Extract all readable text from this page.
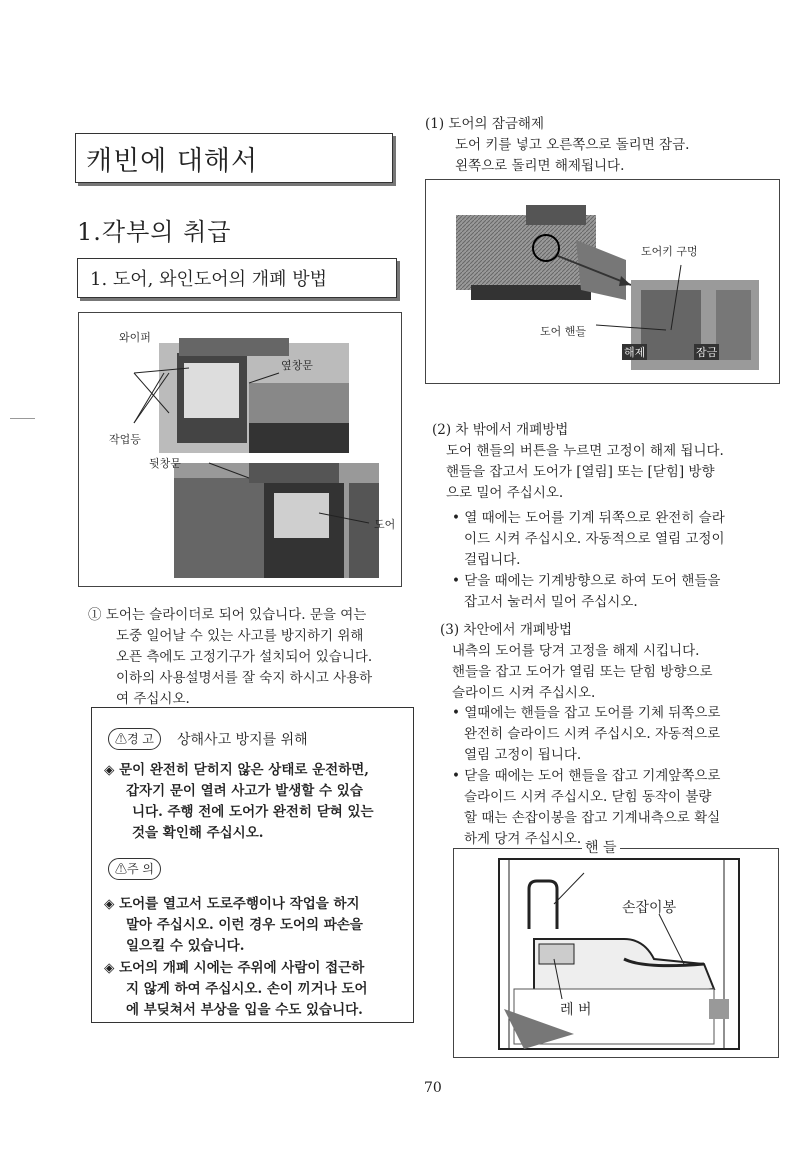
캐빈에 대해서
1.각부의 취급
1. 도어, 와인도어의 개폐 방법
와이퍼
옆창문
작업등
뒷창문
도어
① 도어는 슬라이더로 되어 있습니다. 문을 여는
도중 일어날 수 있는 사고를 방지하기 위해
오픈 측에도 고정기구가 설치되어 있습니다.
이하의 사용설명서를 잘 숙지 하시고 사용하
여 주십시오.
⚠경 고	상해사고 방지를 위해
◈ 문이 완전히 닫히지 않은 상태로 운전하면,
갑자기 문이 열려 사고가 발생할 수 있습
니다. 주행 전에 도어가 완전히 닫혀 있는
것을 확인해 주십시오.
⚠주 의
◈ 도어를 열고서 도로주행이나 작업을 하지
말아 주십시오. 이런 경우 도어의 파손을
일으킬 수 있습니다.
◈ 도어의 개폐 시에는 주위에 사람이 접근하
지 않게 하여 주십시오. 손이 끼거나 도어
에 부딪쳐서 부상을 입을 수도 있습니다.
(1) 도어의 잠금해제
도어 키를 넣고 오른쪽으로 돌리면 잠금.
왼쪽으로 돌리면 해제됩니다.
도어키 구멍
도어 핸들
해제	잠금
(2) 차 밖에서 개폐방법
도어 핸들의 버튼을 누르면 고정이 해제 됩니다.
핸들을 잡고서 도어가 [열림] 또는 [닫힘] 방향
으로 밀어 주십시오.
• 열 때에는 도어를 기계 뒤쪽으로 완전히 슬라
이드 시켜 주십시오. 자동적으로 열림 고정이
걸립니다.
• 닫을 때에는 기계방향으로 하여 도어 핸들을
잡고서 눌러서 밀어 주십시오.
(3) 차안에서 개폐방법
내측의 도어를 당겨 고정을 해제 시킵니다.
핸들을 잡고 도어가 열림 또는 닫힘 방향으로
슬라이드 시켜 주십시오.
• 열때에는 핸들을 잡고 도어를 기체 뒤쪽으로
완전히 슬라이드 시켜 주십시오. 자동적으로
열림 고정이 됩니다.
• 닫을 때에는 도어 핸들을 잡고 기계앞쪽으로
슬라이드 시켜 주십시오. 닫힘 동작이 불량
할 때는 손잡이봉을 잡고 기계내측으로 확실
하게 당겨 주십시오.
핸 들
손잡이봉
레 버
70
